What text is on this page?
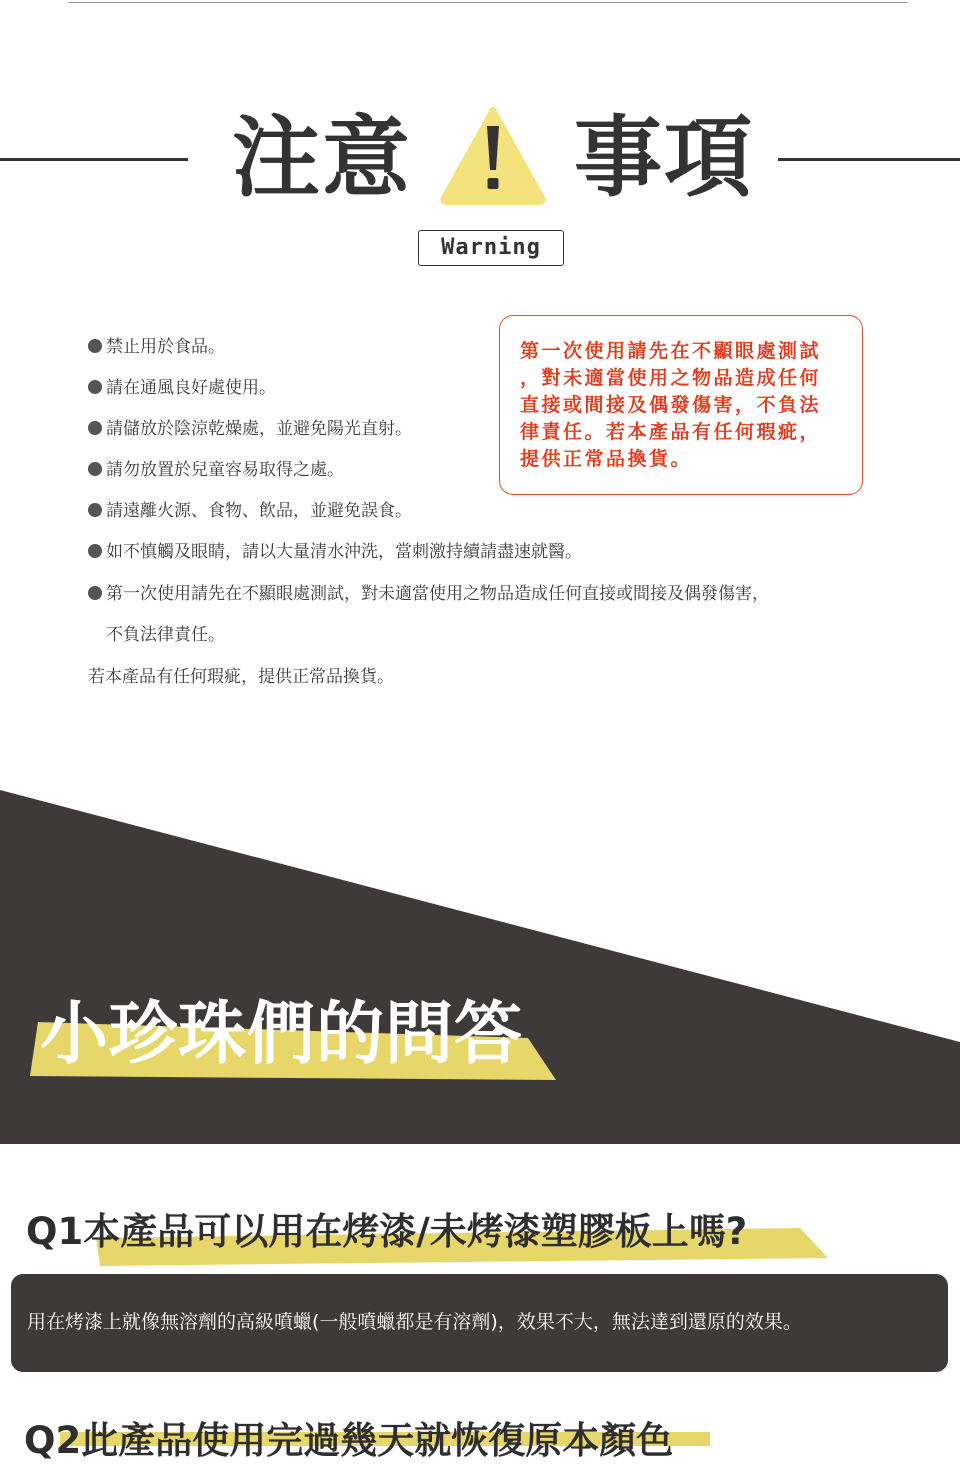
注意 事項
Warning
禁止用於食品。
請在通風良好處使用。
請儲放於陰涼乾燥處，並避免陽光直射。
請勿放置於兒童容易取得之處。
請遠離火源、食物、飲品，並避免誤食。
如不慎觸及眼睛，請以大量清水沖洗，當刺激持續請盡速就醫。
第一次使用請先在不顯眼處測試，對未適當使用之物品造成任何直接或間接及偶發傷害，
不負法律責任。
若本產品有任何瑕疵，提供正常品換貨。
第一次使用請先在不顯眼處測試
，對未適當使用之物品造成任何
直接或間接及偶發傷害，不負法
律責任。若本產品有任何瑕疵，
提供正常品換貨。
小珍珠們的問答
Q1本產品可以用在烤漆/未烤漆塑膠板上嗎?
用在烤漆上就像無溶劑的高級噴蠟(一般噴蠟都是有溶劑)，效果不大，無法達到還原的效果。
Q2此產品使用完過幾天就恢復原本顏色
